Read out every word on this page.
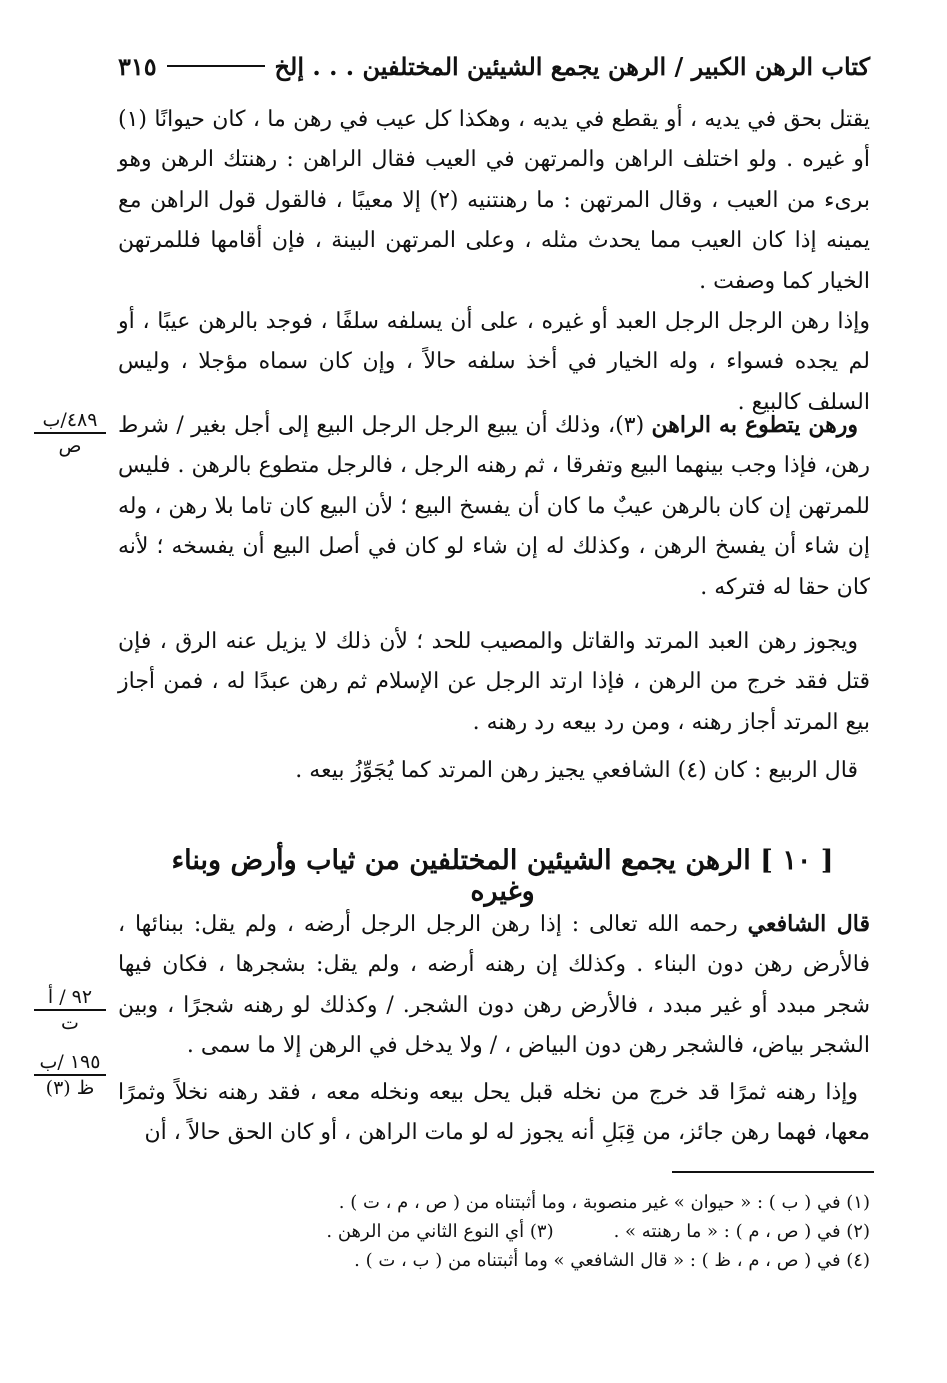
كتاب الرهن الكبير / الرهن يجمع الشيئين المختلفين . . . إلخ
٣١٥

يقتل بحق في يديه ، أو يقطع في يديه ، وهكذا كل عيب في رهن ما ، كان حيوانًا (١) أو غيره . ولو اختلف الراهن والمرتهن في العيب فقال الراهن : رهنتك الرهن وهو برىء من العيب ، وقال المرتهن : ما رهنتنيه (٢) إلا معيبًا ، فالقول قول الراهن مع يمينه إذا كان العيب مما يحدث مثله ، وعلى المرتهن البينة ، فإن أقامها فللمرتهن الخيار كما وصفت .

وإذا رهن الرجل الرجل العبد أو غيره ، على أن يسلفه سلفًا ، فوجد بالرهن عيبًا ، أو لم يجده فسواء ، وله الخيار في أخذ سلفه حالاً ، وإن كان سماه مؤجلا ، وليس السلف كالبيع .

ورهن يتطوع به الراهن (٣)، وذلك أن يبيع الرجل الرجل البيع إلى أجل بغير / شرط رهن، فإذا وجب بينهما البيع وتفرقا ، ثم رهنه الرجل ، فالرجل متطوع بالرهن . فليس للمرتهن إن كان بالرهن عيبٌ ما كان أن يفسخ البيع ؛ لأن البيع كان تاما بلا رهن ، وله إن شاء أن يفسخ الرهن ، وكذلك له إن شاء لو كان في أصل البيع أن يفسخه ؛ لأنه كان حقا له فتركه .

ويجوز رهن العبد المرتد والقاتل والمصيب للحد ؛ لأن ذلك لا يزيل عنه الرق ، فإن قتل فقد خرج من الرهن ، فإذا ارتد الرجل عن الإسلام ثم رهن عبدًا له ، فمن أجاز بيع المرتد أجاز رهنه ، ومن رد بيعه رد رهنه .

قال الربيع : كان (٤) الشافعي يجيز رهن المرتد كما يُجَوِّزُ بيعه .

[ ١٠ ] الرهن يجمع الشيئين المختلفين من ثياب وأرض وبناء وغيره

قال الشافعي رحمه الله تعالى : إذا رهن الرجل الرجل أرضه ، ولم يقل: ببنائها ، فالأرض رهن دون البناء . وكذلك إن رهنه أرضه ، ولم يقل: بشجرها ، فكان فيها شجر مبدد أو غير مبدد ، فالأرض رهن دون الشجر. / وكذلك لو رهنه شجرًا ، وبين الشجر بياض، فالشجر رهن دون البياض ، / ولا يدخل في الرهن إلا ما سمى .

وإذا رهنه ثمرًا قد خرج من نخله قبل يحل بيعه ونخله معه ، فقد رهنه نخلاً وثمرًا معها، فهما رهن جائز، من قِبَلِ أنه يجوز له لو مات الراهن ، أو كان الحق حالاً ، أن

٤٨٩/ب
ص
٩٢ / أ
ت
١٩٥ /ب
ظ (٣)
(١) في ( ب ) : « حيوان » غير منصوبة ، وما أثبتناه من ( ص ، م ، ت ) .
(٢) في ( ص ، م ) : « ما رهنته » .
(٣) أي النوع الثاني من الرهن .
(٤) في ( ص ، م ، ظ ) : « قال الشافعي » وما أثبتناه من ( ب ، ت ) .
